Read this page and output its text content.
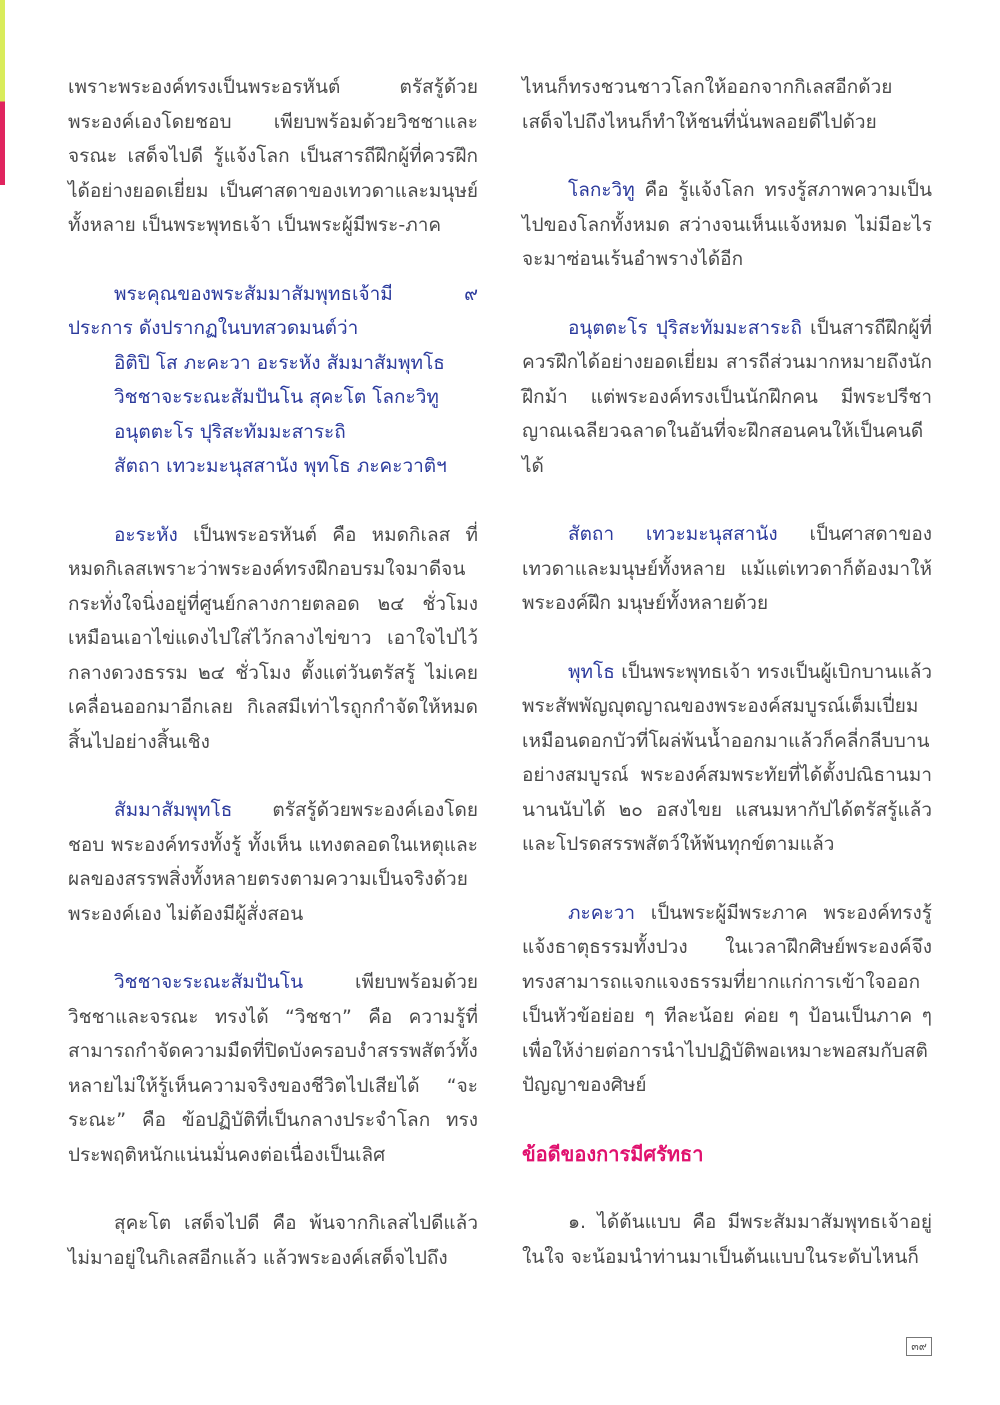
เพราะพระองค์ทรงเป็นพระอรหันต์ ตรัสรู้ด้วยพระองค์เองโดยชอบ เพียบพร้อมด้วยวิชชาและจรณะ เสด็จไปดี รู้แจ้งโลก เป็นสารถีฝึกผู้ที่ควรฝึกได้อย่างยอดเยี่ยม เป็นศาสดาของเทวดาและมนุษย์ทั้งหลาย เป็นพระพุทธเจ้า เป็นพระผู้มีพระ-ภาค

พระคุณของพระสัมมาสัมพุทธเจ้ามี ๙ ประการ ดังปรากฏในบทสวดมนต์ว่า

อิติปิ โส ภะคะวา อะระหัง สัมมาสัมพุทโธ

วิชชาจะระณะสัมปันโน สุคะโต โลกะวิทู

อนุตตะโร ปุริสะทัมมะสาระถิ

สัตถา เทวะมะนุสสานัง พุทโธ ภะคะวาติฯ

อะระหัง เป็นพระอรหันต์ คือ หมดกิเลส ที่หมดกิเลสเพราะว่าพระองค์ทรงฝึกอบรมใจมาดีจนกระทั่งใจนิ่งอยู่ที่ศูนย์กลางกายตลอด ๒๔ ชั่วโมง เหมือนเอาไข่แดงไปใส่ไว้กลางไข่ขาว เอาใจไปไว้กลางดวงธรรม ๒๔ ชั่วโมง ตั้งแต่วันตรัสรู้ ไม่เคยเคลื่อนออกมาอีกเลย กิเลสมีเท่าไรถูกกำจัดให้หมดสิ้นไปอย่างสิ้นเชิง

สัมมาสัมพุทโธ ตรัสรู้ด้วยพระองค์เองโดยชอบ พระองค์ทรงทั้งรู้ ทั้งเห็น แทงตลอดในเหตุและผลของสรรพสิ่งทั้งหลายตรงตามความเป็นจริงด้วยพระองค์เอง ไม่ต้องมีผู้สั่งสอน

วิชชาจะระณะสัมปันโน เพียบพร้อมด้วยวิชชาและจรณะ ทรงได้ “วิชชา” คือ ความรู้ที่สามารถกำจัดความมืดที่ปิดบังครอบงำสรรพสัตว์ทั้งหลายไม่ให้รู้เห็นความจริงของชีวิตไปเสียได้ “จะระณะ” คือ ข้อปฏิบัติที่เป็นกลางประจำโลก ทรงประพฤติหนักแน่นมั่นคงต่อเนื่องเป็นเลิศ

สุคะโต เสด็จไปดี คือ พ้นจากกิเลสไปดีแล้ว ไม่มาอยู่ในกิเลสอีกแล้ว แล้วพระองค์เสด็จไปถึง

ไหนก็ทรงชวนชาวโลกให้ออกจากกิเลสอีกด้วย เสด็จไปถึงไหนก็ทำให้ชนที่นั่นพลอยดีไปด้วย

โลกะวิทู คือ รู้แจ้งโลก ทรงรู้สภาพความเป็นไปของโลกทั้งหมด สว่างจนเห็นแจ้งหมด ไม่มีอะไรจะมาซ่อนเร้นอำพรางได้อีก

อนุตตะโร ปุริสะทัมมะสาระถิ เป็นสารถีฝึกผู้ที่ควรฝึกได้อย่างยอดเยี่ยม สารถีส่วนมากหมายถึงนักฝึกม้า แต่พระองค์ทรงเป็นนักฝึกคน มีพระปรีชาญาณเฉลียวฉลาดในอันที่จะฝึกสอนคนให้เป็นคนดีได้

สัตถา เทวะมะนุสสานัง เป็นศาสดาของเทวดาและมนุษย์ทั้งหลาย แม้แต่เทวดาก็ต้องมาให้พระองค์ฝึก มนุษย์ทั้งหลายด้วย

พุทโธ เป็นพระพุทธเจ้า ทรงเป็นผู้เบิกบานแล้ว พระสัพพัญญุตญาณของพระองค์สมบูรณ์เต็มเปี่ยม เหมือนดอกบัวที่โผล่พ้นน้ำออกมาแล้วก็คลี่กลีบบานอย่างสมบูรณ์ พระองค์สมพระทัยที่ได้ตั้งปณิธานมานานนับได้ ๒๐ อสงไขย แสนมหากัปได้ตรัสรู้แล้ว และโปรดสรรพสัตว์ให้พ้นทุกข์ตามแล้ว

ภะคะวา เป็นพระผู้มีพระภาค พระองค์ทรงรู้แจ้งธาตุธรรมทั้งปวง ในเวลาฝึกศิษย์พระองค์จึงทรงสามารถแจกแจงธรรมที่ยากแก่การเข้าใจออกเป็นหัวข้อย่อย ๆ ทีละน้อย ค่อย ๆ ป้อนเป็นภาค ๆ เพื่อให้ง่ายต่อการนำไปปฏิบัติพอเหมาะพอสมกับสติปัญญาของศิษย์

ข้อดีของการมีศรัทธา

๑. ได้ต้นแบบ คือ มีพระสัมมาสัมพุทธเจ้าอยู่ในใจ จะน้อมนำท่านมาเป็นต้นแบบในระดับไหนก็

๓๙
